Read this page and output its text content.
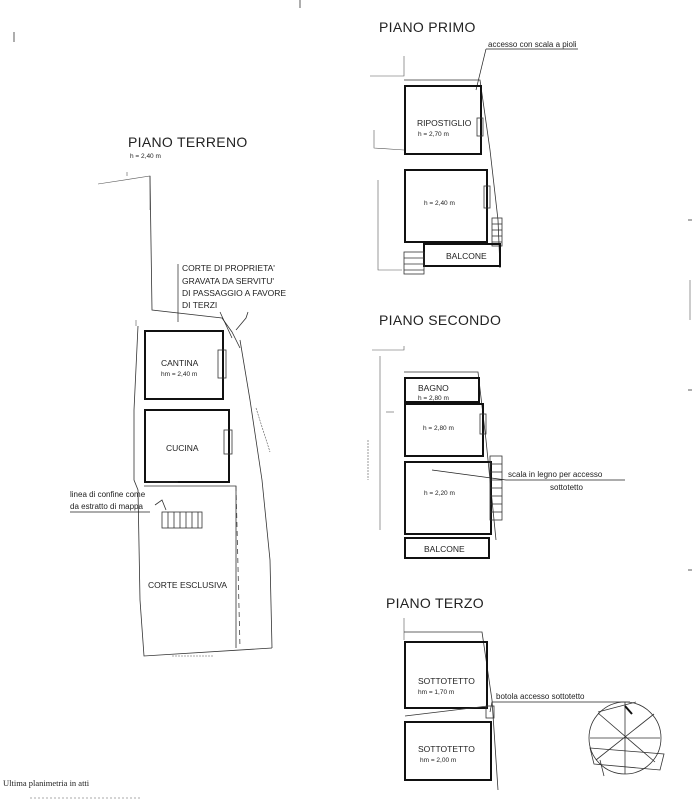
PIANO TERRENO
h = 2,40 m
CANTINA
hm = 2,40 m
CUCINA
CORTE ESCLUSIVA
CORTE DI PROPRIETA'
GRAVATA DA SERVITU'
DI PASSAGGIO A FAVORE
DI TERZI
linea di confine come
da estratto di mappa
PIANO PRIMO
accesso con scala a pioli
RIPOSTIGLIO
h = 2,70 m
h = 2,40 m
BALCONE
PIANO SECONDO
BAGNO
h = 2,80 m
h = 2,80 m
h = 2,20 m
scala in legno per accesso
sottotetto
BALCONE
PIANO TERZO
SOTTOTETTO
hm = 1,70 m
SOTTOTETTO
hm = 2,00 m
botola accesso sottotetto
Ultima planimetria in atti
